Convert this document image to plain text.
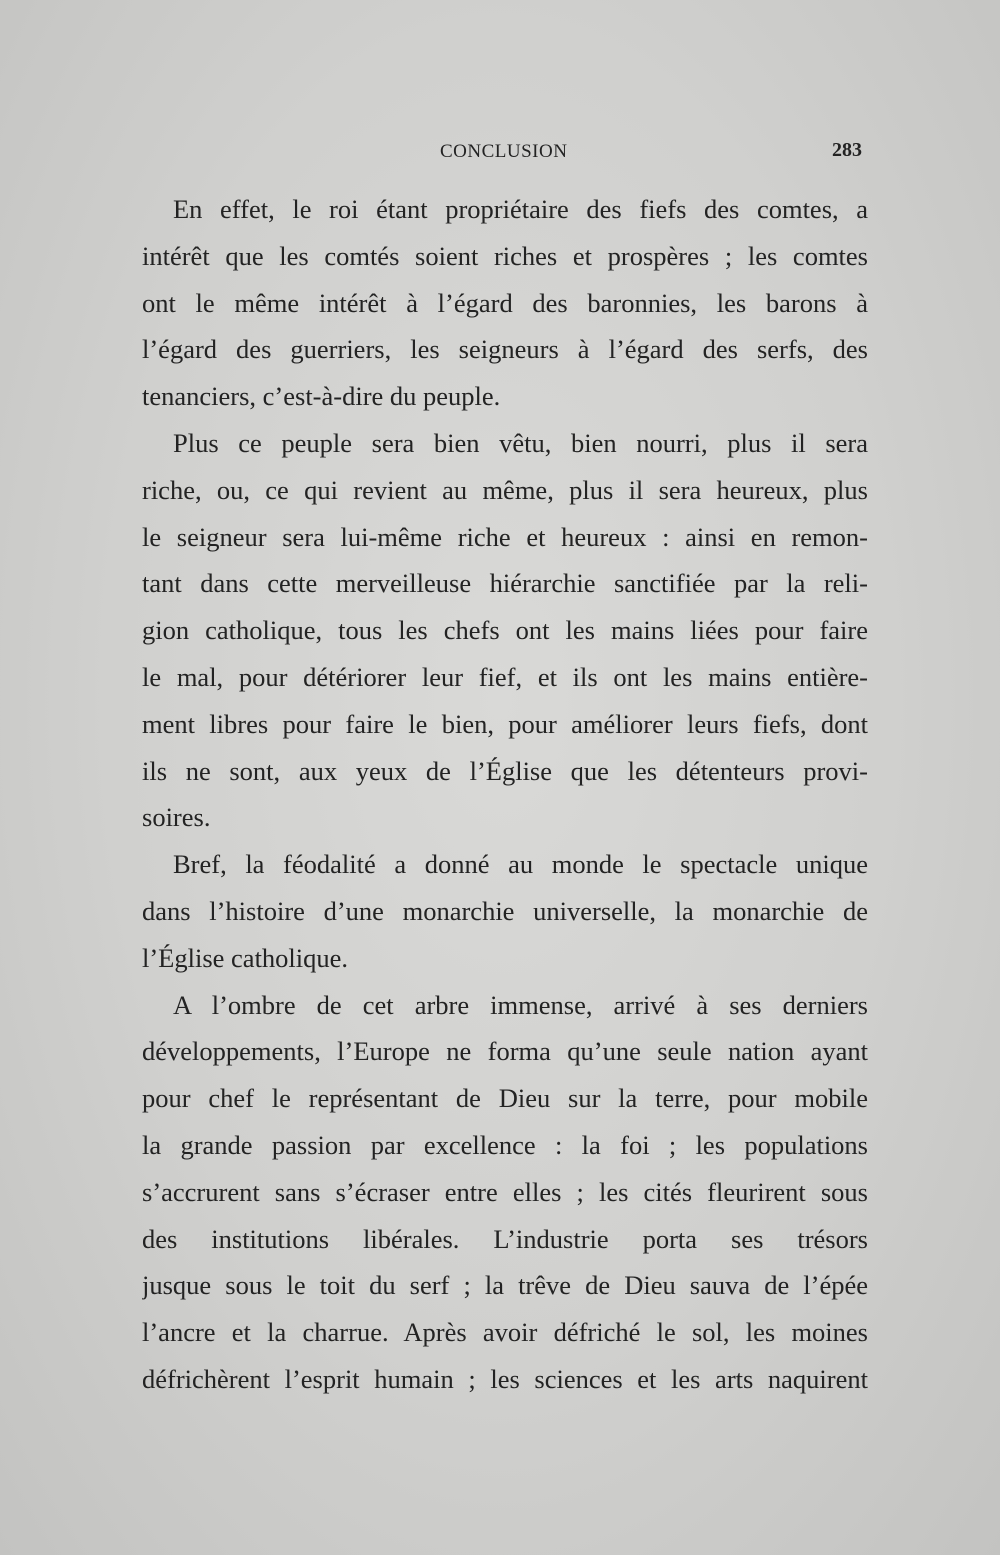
CONCLUSION	283
En effet, le roi étant propriétaire des fiefs des comtes, a
intérêt que les comtés soient riches et prospères ; les comtes
ont le même intérêt à l’égard des baronnies, les barons à
l’égard des guerriers, les seigneurs à l’égard des serfs, des
tenanciers, c’est-à-dire du peuple.
Plus ce peuple sera bien vêtu, bien nourri, plus il sera
riche, ou, ce qui revient au même, plus il sera heureux, plus
le seigneur sera lui-même riche et heureux : ainsi en remon-
tant dans cette merveilleuse hiérarchie sanctifiée par la reli-
gion catholique, tous les chefs ont les mains liées pour faire
le mal, pour détériorer leur fief, et ils ont les mains entière-
ment libres pour faire le bien, pour améliorer leurs fiefs, dont
ils ne sont, aux yeux de l’Église que les détenteurs provi-
soires.
Bref, la féodalité a donné au monde le spectacle unique
dans l’histoire d’une monarchie universelle, la monarchie de
l’Église catholique.
A l’ombre de cet arbre immense, arrivé à ses derniers
développements, l’Europe ne forma qu’une seule nation ayant
pour chef le représentant de Dieu sur la terre, pour mobile
la grande passion par excellence : la foi ; les populations
s’accrurent sans s’écraser entre elles ; les cités fleurirent sous
des institutions libérales. L’industrie porta ses trésors
jusque sous le toit du serf ; la trêve de Dieu sauva de l’épée
l’ancre et la charrue. Après avoir défriché le sol, les moines
défrichèrent l’esprit humain ; les sciences et les arts naquirent
